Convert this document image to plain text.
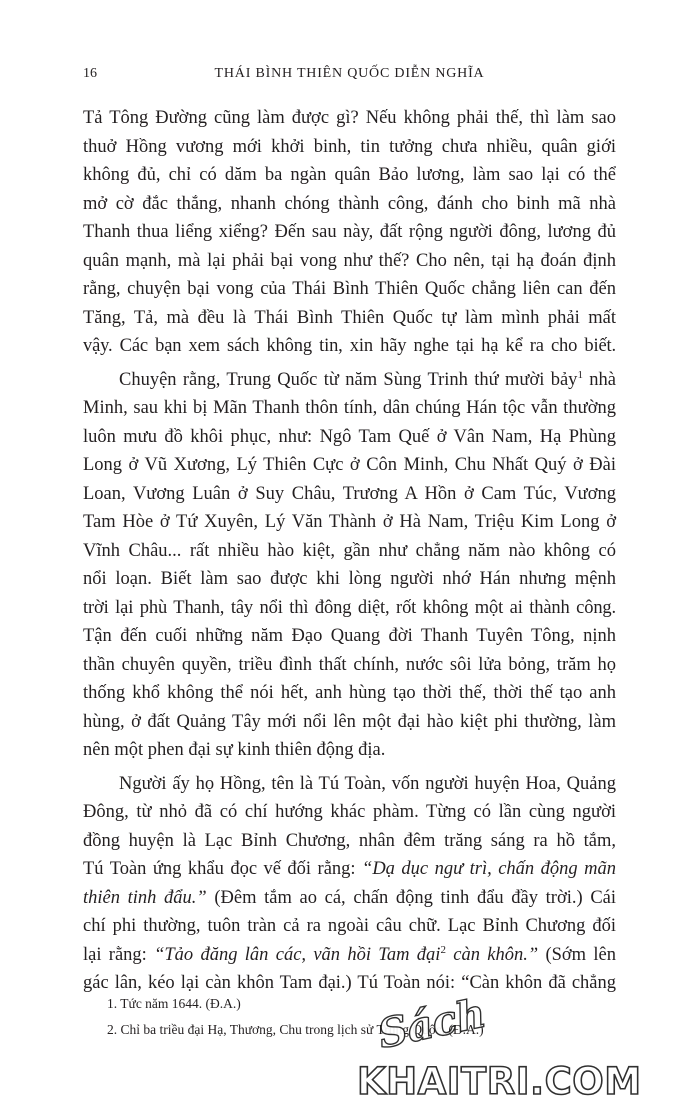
16	THÁI BÌNH THIÊN QUỐC DIỄN NGHĨA

Tả Tông Đường cũng làm được gì? Nếu không phải thế, thì làm sao

thuở Hồng vương mới khởi binh, tin tưởng chưa nhiều, quân giới

không đủ, chỉ có dăm ba ngàn quân Bảo lương, làm sao lại có thể

mở cờ đắc thắng, nhanh chóng thành công, đánh cho binh mã nhà

Thanh thua liểng xiểng? Đến sau này, đất rộng người đông, lương đủ

quân mạnh, mà lại phải bại vong như thế? Cho nên, tại hạ đoán định

rằng, chuyện bại vong của Thái Bình Thiên Quốc chẳng liên can đến

Tăng, Tả, mà đều là Thái Bình Thiên Quốc tự làm mình phải mất

vậy. Các bạn xem sách không tin, xin hãy nghe tại hạ kể ra cho biết.

Chuyện rằng, Trung Quốc từ năm Sùng Trinh thứ mười bảy$^1$ nhà

Minh, sau khi bị Mãn Thanh thôn tính, dân chúng Hán tộc vẫn thường

luôn mưu đồ khôi phục, như: Ngô Tam Quế ở Vân Nam, Hạ Phùng

Long ở Vũ Xương, Lý Thiên Cực ở Côn Minh, Chu Nhất Quý ở Đài

Loan, Vương Luân ở Suy Châu, Trương A Hồn ở Cam Túc, Vương

Tam Hòe ở Tứ Xuyên, Lý Văn Thành ở Hà Nam, Triệu Kim Long ở

Vĩnh Châu... rất nhiều hào kiệt, gần như chẳng năm nào không có

nổi loạn. Biết làm sao được khi lòng người nhớ Hán nhưng mệnh

trời lại phù Thanh, tây nổi thì đông diệt, rốt không một ai thành công.

Tận đến cuối những năm Đạo Quang đời Thanh Tuyên Tông, nịnh

thần chuyên quyền, triều đình thất chính, nước sôi lửa bỏng, trăm họ

thống khổ không thể nói hết, anh hùng tạo thời thế, thời thế tạo anh

hùng, ở đất Quảng Tây mới nổi lên một đại hào kiệt phi thường, làm

nên một phen đại sự kinh thiên động địa.

Người ấy họ Hồng, tên là Tú Toàn, vốn người huyện Hoa, Quảng

Đông, từ nhỏ đã có chí hướng khác phàm. Từng có lần cùng người

đồng huyện là Lạc Bỉnh Chương, nhân đêm trăng sáng ra hồ tắm,

Tú Toàn ứng khẩu đọc vế đối rằng: “Dạ dục ngư trì, chấn động mãn

thiên tinh đẩu.” (Đêm tắm ao cá, chấn động tinh đẩu đầy trời.) Cái

chí phi thường, tuôn tràn cả ra ngoài câu chữ. Lạc Bỉnh Chương đối

lại rằng: “Tảo đăng lân các, vãn hồi Tam đại$^2$ càn khôn.” (Sớm lên

gác lân, kéo lại càn khôn Tam đại.) Tú Toàn nói: “Càn khôn đã chẳng

1. Tức năm 1644. (Đ.A.)
2. Chỉ ba triều đại Hạ, Thương, Chu trong lịch sử Trung Quốc. (Đ.A.)
Sách
KHAITRI.COM
